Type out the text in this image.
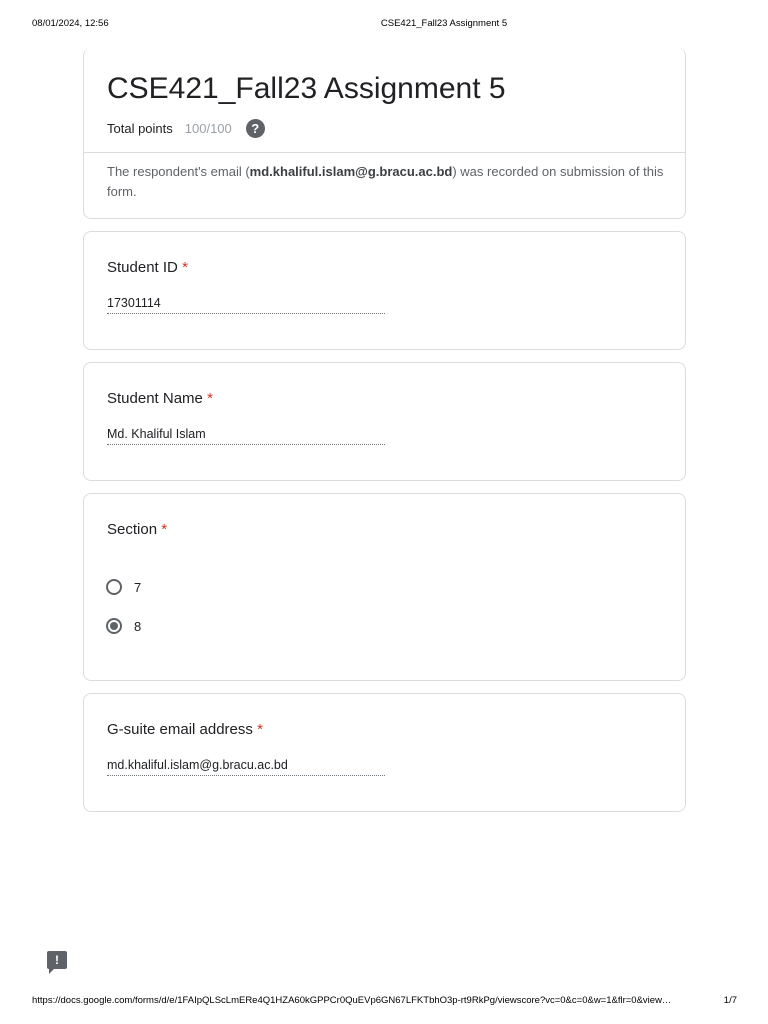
08/01/2024, 12:56	CSE421_Fall23 Assignment 5
CSE421_Fall23 Assignment 5
Total points 100/100	?
The respondent's email (md.khaliful.islam@g.bracu.ac.bd) was recorded on submission of this form.
Student ID *
17301114
Student Name *
Md. Khaliful Islam
Section *
7
8
G-suite email address *
md.khaliful.islam@g.bracu.ac.bd
!
https://docs.google.com/forms/d/e/1FAIpQLScLmERe4Q1HZA60kGPPCr0QuEVp6GN67LFKTbhO3p-rt9RkPg/viewscore?vc=0&c=0&w=1&flr=0&view…	1/7
